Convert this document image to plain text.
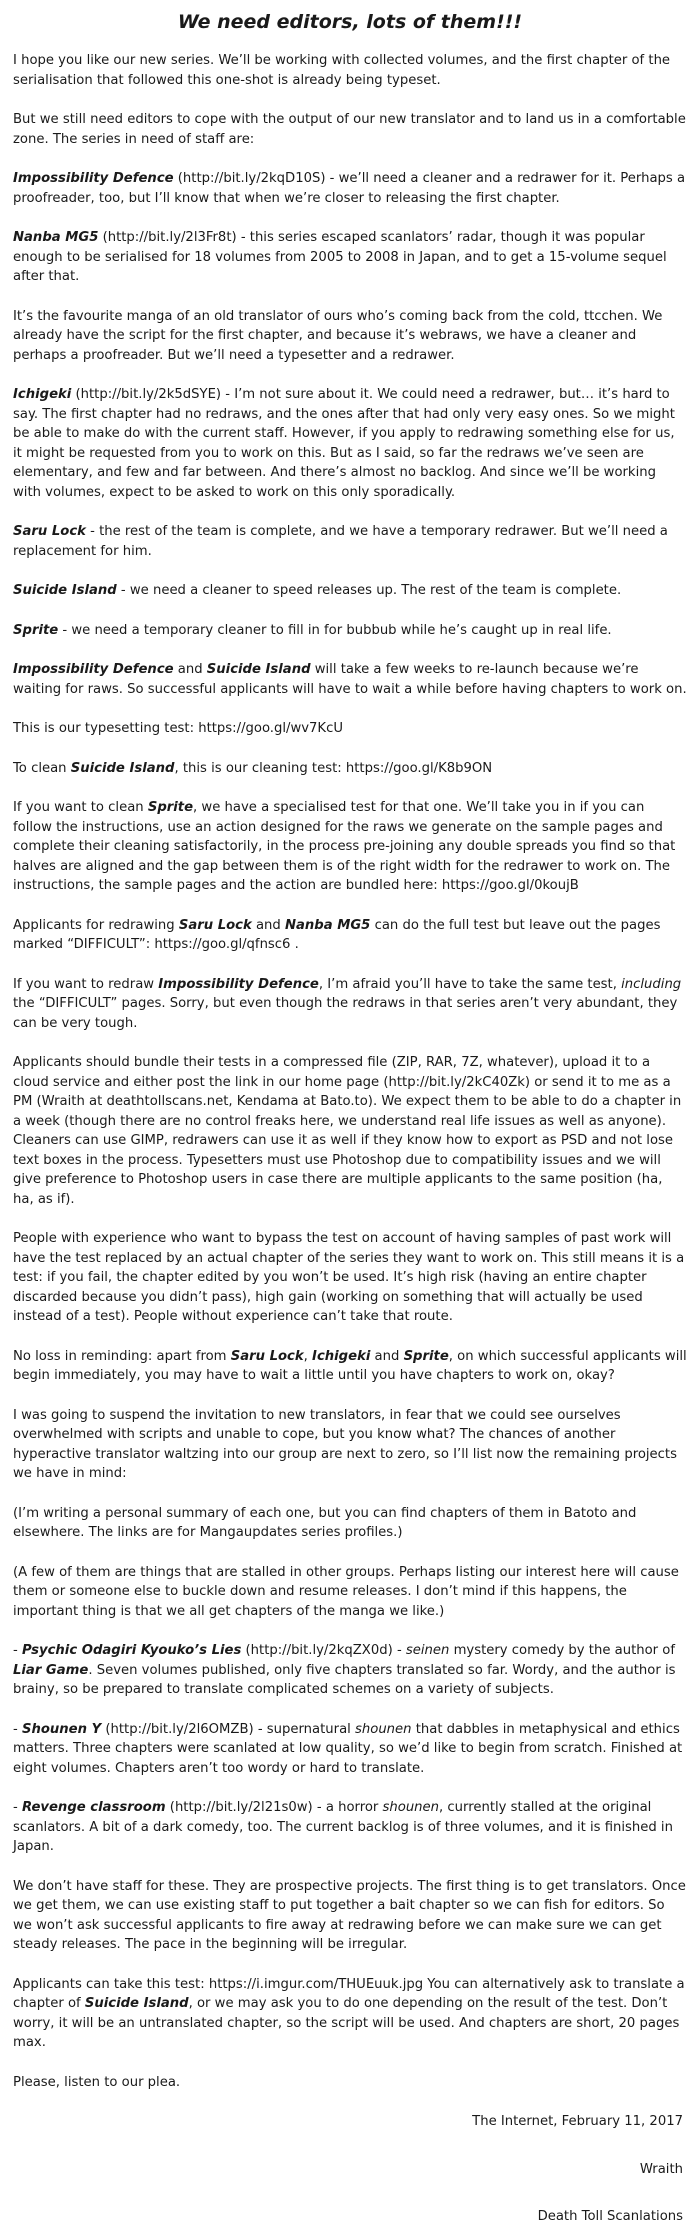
We need editors, lots of them!!!

I hope you like our new series. We’ll be working with collected volumes, and the first chapter of the serialisation that followed this one-shot is already being typeset.

But we still need editors to cope with the output of our new translator and to land us in a comfortable zone. The series in need of staff are:

Impossibility Defence (http://bit.ly/2kqD10S) - we’ll need a cleaner and a redrawer for it. Perhaps a proofreader, too, but I’ll know that when we’re closer to releasing the first chapter.

Nanba MG5 (http://bit.ly/2l3Fr8t) - this series escaped scanlators’ radar, though it was popular enough to be serialised for 18 volumes from 2005 to 2008 in Japan, and to get a 15-volume sequel after that.

It’s the favourite manga of an old translator of ours who’s coming back from the cold, ttcchen. We already have the script for the first chapter, and because it’s webraws, we have a cleaner and perhaps a proofreader. But we’ll need a typesetter and a redrawer.

Ichigeki (http://bit.ly/2k5dSYE) - I’m not sure about it. We could need a redrawer, but… it’s hard to say. The first chapter had no redraws, and the ones after that had only very easy ones. So we might be able to make do with the current staff. However, if you apply to redrawing something else for us, it might be requested from you to work on this. But as I said, so far the redraws we’ve seen are elementary, and few and far between. And there’s almost no backlog. And since we’ll be working with volumes, expect to be asked to work on this only sporadically.

Saru Lock - the rest of the team is complete, and we have a temporary redrawer. But we’ll need a replacement for him.

Suicide Island - we need a cleaner to speed releases up. The rest of the team is complete.

Sprite - we need a temporary cleaner to fill in for bubbub while he’s caught up in real life.

Impossibility Defence and Suicide Island will take a few weeks to re-launch because we’re waiting for raws. So successful applicants will have to wait a while before having chapters to work on.

This is our typesetting test: https://goo.gl/wv7KcU

To clean Suicide Island, this is our cleaning test: https://goo.gl/K8b9ON

If you want to clean Sprite, we have a specialised test for that one. We’ll take you in if you can follow the instructions, use an action designed for the raws we generate on the sample pages and complete their cleaning satisfactorily, in the process pre-joining any double spreads you find so that halves are aligned and the gap between them is of the right width for the redrawer to work on. The instructions, the sample pages and the action are bundled here: https://goo.gl/0koujB

Applicants for redrawing Saru Lock and Nanba MG5 can do the full test but leave out the pages marked “DIFFICULT”: https://goo.gl/qfnsc6 .

If you want to redraw Impossibility Defence, I’m afraid you’ll have to take the same test, including the “DIFFICULT” pages. Sorry, but even though the redraws in that series aren’t very abundant, they can be very tough.

Applicants should bundle their tests in a compressed file (ZIP, RAR, 7Z, whatever), upload it to a cloud service and either post the link in our home page (http://bit.ly/2kC40Zk) or send it to me as a PM (Wraith at deathtollscans.net, Kendama at Bato.to). We expect them to be able to do a chapter in a week (though there are no control freaks here, we understand real life issues as well as anyone). Cleaners can use GIMP, redrawers can use it as well if they know how to export as PSD and not lose text boxes in the process. Typesetters must use Photoshop due to compatibility issues and we will give preference to Photoshop users in case there are multiple applicants to the same position (ha, ha, as if).

People with experience who want to bypass the test on account of having samples of past work will have the test replaced by an actual chapter of the series they want to work on. This still means it is a test: if you fail, the chapter edited by you won’t be used. It’s high risk (having an entire chapter discarded because you didn’t pass), high gain (working on something that will actually be used instead of a test). People without experience can’t take that route.

No loss in reminding: apart from Saru Lock, Ichigeki and Sprite, on which successful applicants will begin immediately, you may have to wait a little until you have chapters to work on, okay?

I was going to suspend the invitation to new translators, in fear that we could see ourselves overwhelmed with scripts and unable to cope, but you know what? The chances of another hyperactive translator waltzing into our group are next to zero, so I’ll list now the remaining projects we have in mind:

(I’m writing a personal summary of each one, but you can find chapters of them in Batoto and elsewhere. The links are for Mangaupdates series profiles.)

(A few of them are things that are stalled in other groups. Perhaps listing our interest here will cause them or someone else to buckle down and resume releases. I don’t mind if this happens, the important thing is that we all get chapters of the manga we like.)

- Psychic Odagiri Kyouko’s Lies (http://bit.ly/2kqZX0d) - seinen mystery comedy by the author of Liar Game. Seven volumes published, only five chapters translated so far. Wordy, and the author is brainy, so be prepared to translate complicated schemes on a variety of subjects.

- Shounen Y (http://bit.ly/2l6OMZB) - supernatural shounen that dabbles in metaphysical and ethics matters. Three chapters were scanlated at low quality, so we’d like to begin from scratch. Finished at eight volumes. Chapters aren’t too wordy or hard to translate.

- Revenge classroom (http://bit.ly/2l21s0w) - a horror shounen, currently stalled at the original scanlators. A bit of a dark comedy, too. The current backlog is of three volumes, and it is finished in Japan.

We don’t have staff for these. They are prospective projects. The first thing is to get translators. Once we get them, we can use existing staff to put together a bait chapter so we can fish for editors. So we won’t ask successful applicants to fire away at redrawing before we can make sure we can get steady releases. The pace in the beginning will be irregular.

Applicants can take this test: https://i.imgur.com/THUEuuk.jpg You can alternatively ask to translate a chapter of Suicide Island, or we may ask you to do one depending on the result of the test. Don’t worry, it will be an untranslated chapter, so the script will be used. And chapters are short, 20 pages max.

Please, listen to our plea.

The Internet, February 11, 2017

Wraith

Death Toll Scanlations
